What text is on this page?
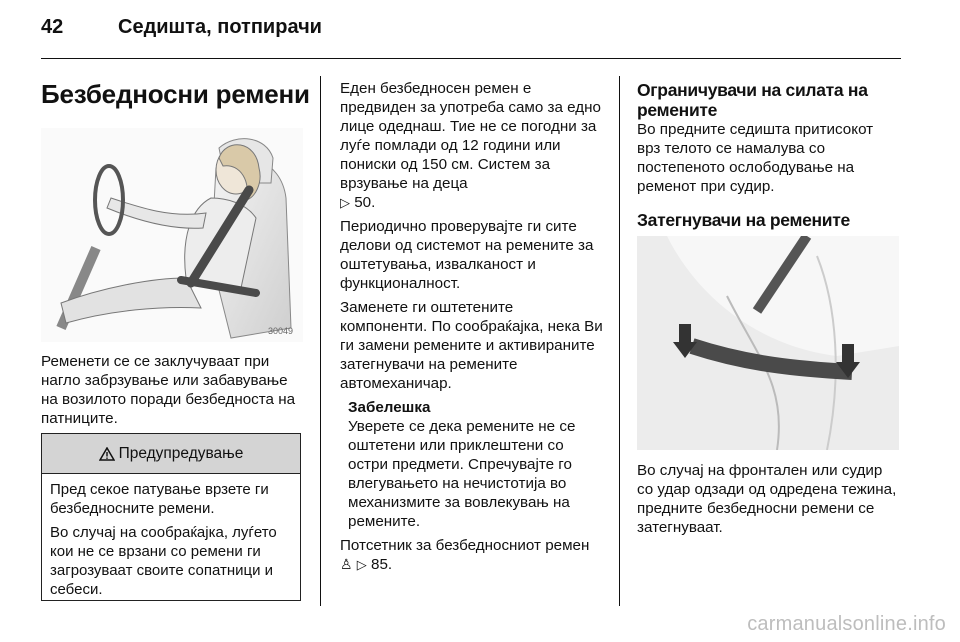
42	Седишта, потпирачи
Безбедносни ремени
30049

Ременети се се заклучуваат при нагло забрзување или забавување на возилото поради безбедноста на патниците.

Предупредување

Пред секое патување врзете ги безбедносните ремени.

Во случај на сообраќајка, луѓето кои не се врзани со ремени ги загрозуваат своите сопатници и себеси.

Еден безбедносен ремен е предвиден за употреба само за едно лице одеднаш. Тие не се погодни за луѓе помлади од 12 години или пониски од 150 см. Систем за врзување на деца
▷ 50.

Периодично проверувајте ги сите делови од системот на ремените за оштетувања, извалканост и функционалност.

Заменете ги оштетените компоненти. По сообраќајка, нека Ви ги замени ремените и активираните затегнувачи на ремените автомеханичар.

Забелешка
Уверете се дека ремените не се оштетени или приклештени со остри предмети. Спречувајте го влегувањето на нечистотија во механизмите за вовлекувањ на ремените.

Потсетник за безбедносниот ремен
♙ ▷ 85.

Ограничувачи на силата на ремените
Во предните седишта притисокот врз телото се намалува со постепеното ослободување на ременот при судир.
Затегнувачи на ремените

Во случај на фронтален или судир со удар одзади од одредена тежина, предните безбедносни ремени се затегнуваат.

carmanualsonline.info
